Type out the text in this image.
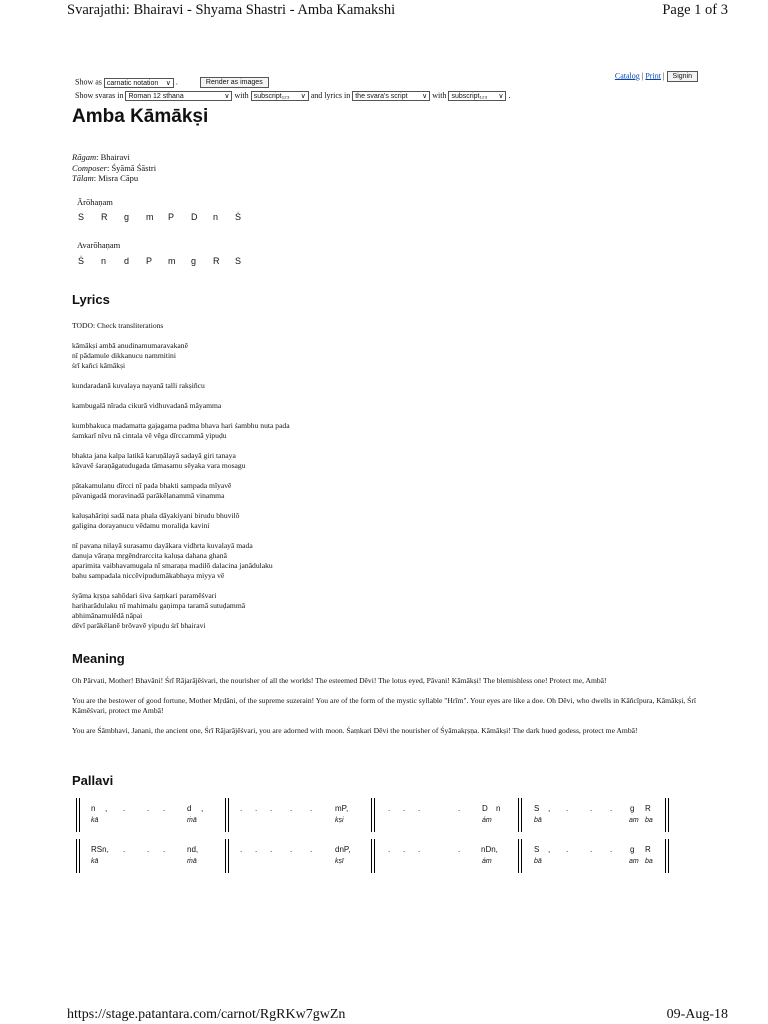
Svarajathi: Bhairavi - Shyama Shastri - Amba Kamakshi	Page 1 of 3
Show as carnatic notation ∨ .	Render as images
Show svaras in Roman 12 sthana	∨ with subscript₁₂₃ ∨ and lyrics in the svara's script ∨ with subscript₁₂₃ ∨ .
Catalog | Print | Signin
Amba Kāmākṣi
Rāgam: Bhairavi
Composer: Śyāmā Śāstri
Tālam: Misra Cāpu
Ārōhaṇam
S R g m P D n Ṡ
Avarōhaṇam
Ṡ n d P m g R S
Lyrics

TODO: Check transliterations

kāmākṣi ambā anudinamumaravakanē
nī pādamule dikkanucu nammitini
śrī kañci kāmākṣi

kundaradanā kuvalaya nayanā talli rakṣiñcu

kambugalā nīrada cikurā vidhuvadanā māyamma

kumbhakuca madamatta gajagama padma bhava hari śambhu nuta pada
śamkarī nīvu nā cintala vē vēga dīrccammā yipuḍu

bhakta jana kalpa latikā karuṇālayā sadayā giri tanaya
kāvavē śaraṇāgatudugada tāmasamu sēyaka vara mosagu

pātakamulanu dīrcci nī pada bhakti sampada mīyavē
pāvanigadā moravinadā parākēlanammā vinamma

kaluṣahāriṇi sadā nata phala dāyakiyani birudu bhuvilō
galigina dorayanucu vēdamu moraliḍa kavini

nī pavana nilayā surasamu dayākara vidhrta kuvalayā mada
danuja vāraṇa mṛgēndrarccita kaluṣa dahana ghanā
aparimita vaibhavamugala nī smaraṇa madilō dalacina janādulaku
bahu sampadala niccēvipudumākabhaya miyya vē

śyāma kṛṣṇa sahōdari śiva śaṃkari paramēśvari
hariharādulaku nī mahimalu gaṇimpa taramā sutuḍammā
abhimānamulēdā nāpai
dēvī parākēlanē brōvavē yipuḍu śrī bhairavi

Meaning

Oh Pārvati, Mother! Bhavāni! Śrī Rājarājēśvari, the nourisher of all the worlds! The esteemed Dēvi! The lotus eyed, Pāvani! Kāmākṣi! The blemishless one! Protect me, Ambā!

You are the bestower of good fortune, Mother Mṛdāni, of the supreme suzerain! You are of the form of the mystic syllable "Hrīm". Your eyes are like a doe. Oh Dēvi, who dwells in Kāñcīpura, Kāmākṣi, Śrī Kāmēśvari, protect me Ambā!

You are Śāmbhavi, Janani, the ancient one, Śrī Rājarājēśvari, you are adorned with moon. Śaṃkari Dēvi the nourisher of Śyāmakṛṣṇa. Kāmākṣi! The dark hued godess, protect me Ambā!

Pallavi
n , .	. .	d ,	. . . . .	mP,	. . .	.	D n	S , .	. . g R
kā	ṁā	kṣi	ám	bā	am ba
RSn, .	. .	nd,	. . . . .	dnP,	. . .	.	nDn,	S , .	. . g R
kā	ṁā	kṣī	ám	bā	am ba
https://stage.patantara.com/carnot/RgRKw7gwZn	09-Aug-18
